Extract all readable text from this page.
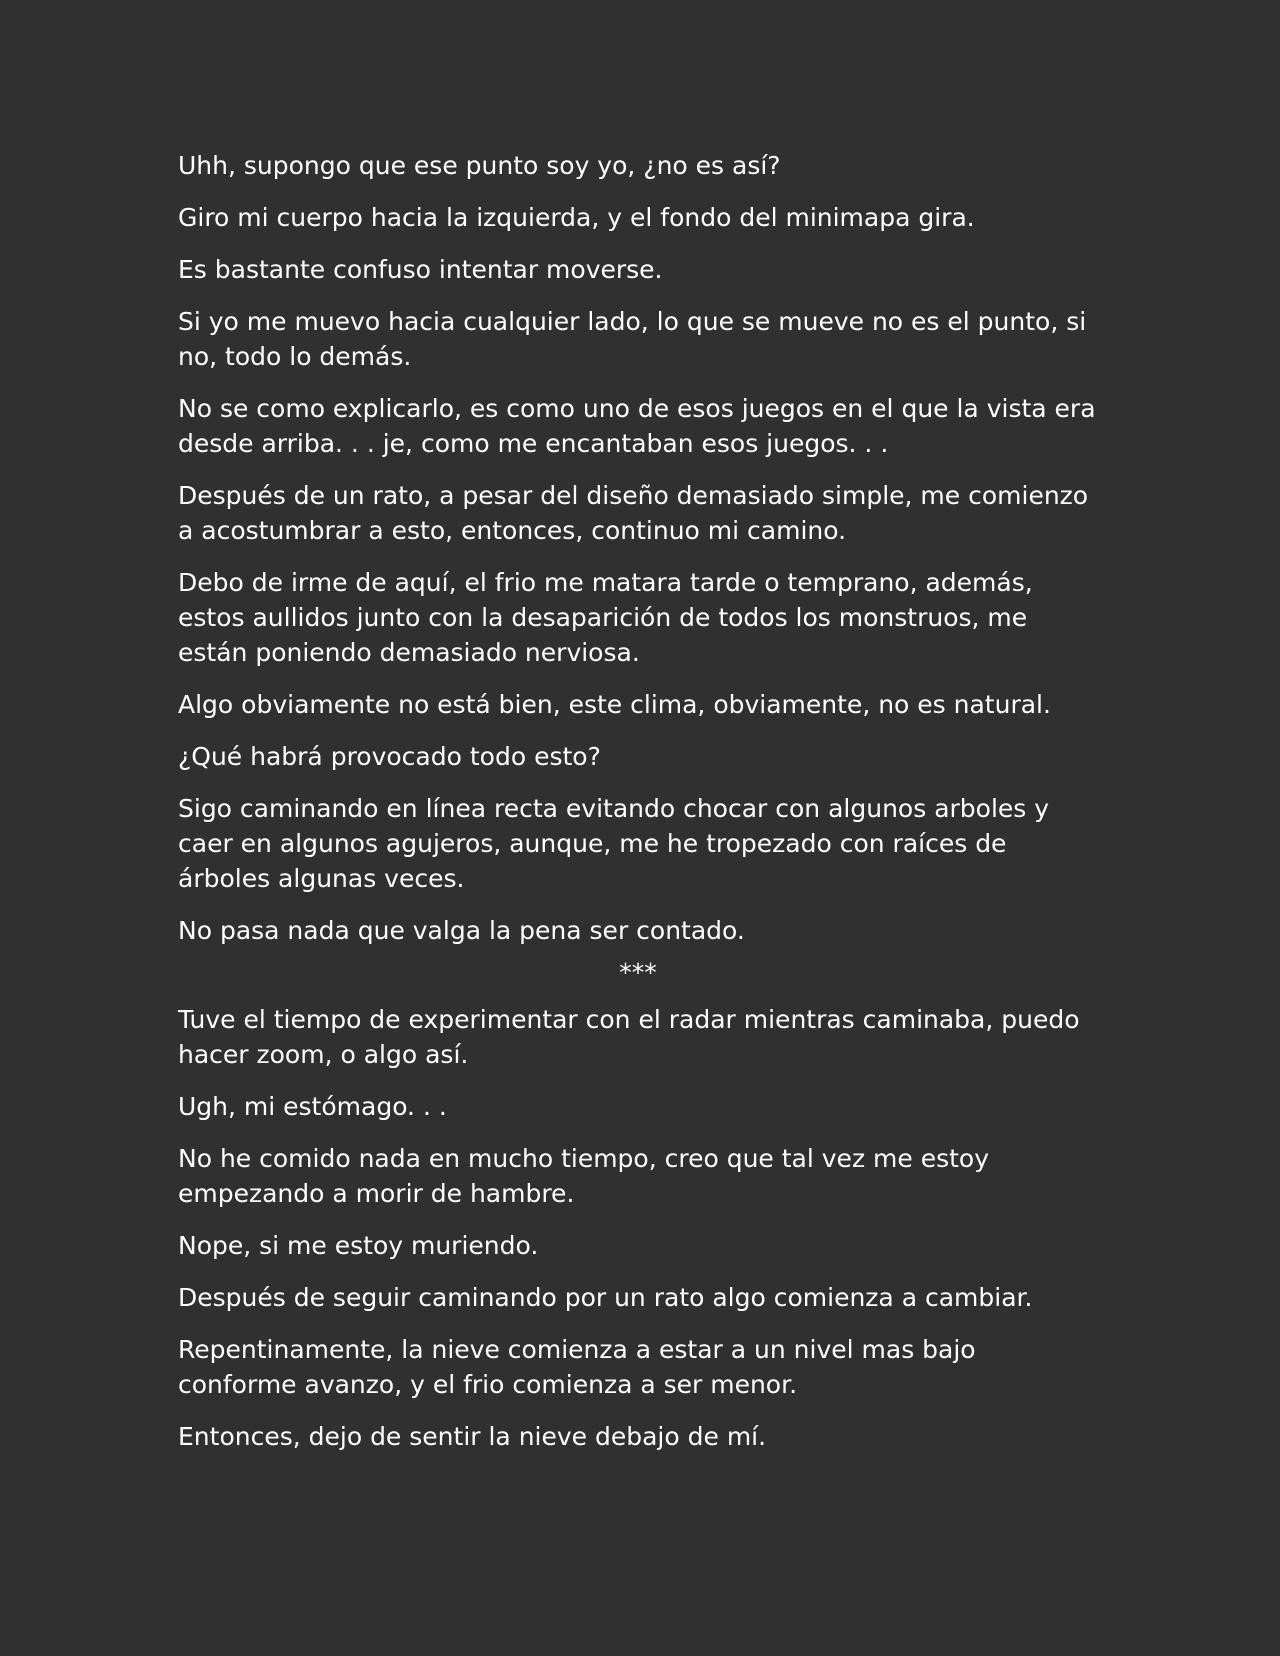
Uhh, supongo que ese punto soy yo, ¿no es así?

Giro mi cuerpo hacia la izquierda, y el fondo del minimapa gira.

Es bastante confuso intentar moverse.

Si yo me muevo hacia cualquier lado, lo que se mueve no es el punto, si no, todo lo demás.

No se como explicarlo, es como uno de esos juegos en el que la vista era desde arriba. . . je, como me encantaban esos juegos. . .

Después de un rato, a pesar del diseño demasiado simple, me comienzo a acostumbrar a esto, entonces, continuo mi camino.

Debo de irme de aquí, el frio me matara tarde o temprano, además, estos aullidos junto con la desaparición de todos los monstruos, me están poniendo demasiado nerviosa.

Algo obviamente no está bien, este clima, obviamente, no es natural.

¿Qué habrá provocado todo esto?

Sigo caminando en línea recta evitando chocar con algunos arboles y caer en algunos agujeros, aunque, me he tropezado con raíces de árboles algunas veces.

No pasa nada que valga la pena ser contado.

***

Tuve el tiempo de experimentar con el radar mientras caminaba, puedo hacer zoom, o algo así.

Ugh, mi estómago. . .

No he comido nada en mucho tiempo, creo que tal vez me estoy empezando a morir de hambre.

Nope, si me estoy muriendo.

Después de seguir caminando por un rato algo comienza a cambiar.

Repentinamente, la nieve comienza a estar a un nivel mas bajo conforme avanzo, y el frio comienza a ser menor.

Entonces, dejo de sentir la nieve debajo de mí.
